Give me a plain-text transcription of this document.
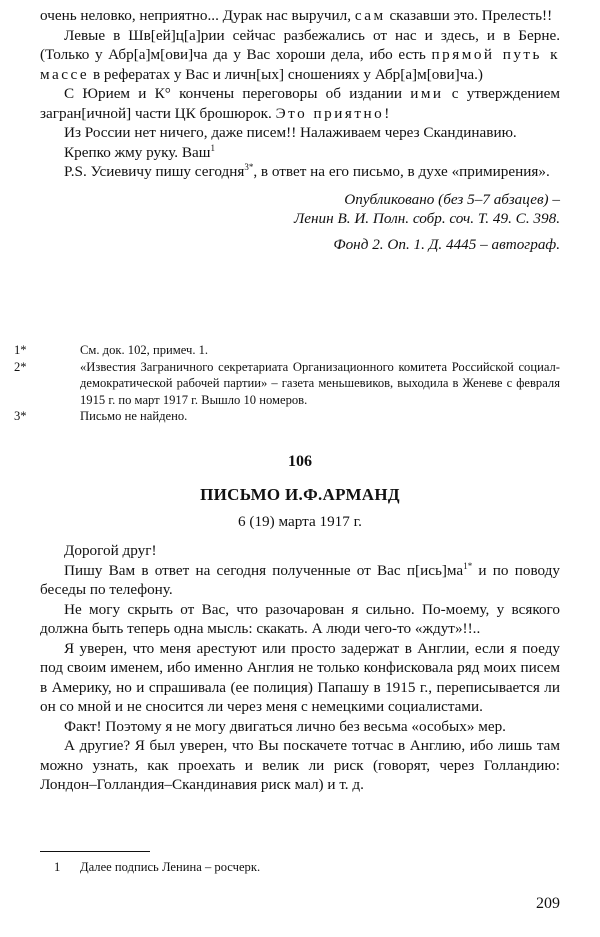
очень неловко, неприятно... Дурак нас выручил, сам сказавши это. Прелесть!!

Левые в Шв[ей]ц[а]рии сейчас разбежались от нас и здесь, и в Берне. (Только у Абр[а]м[ови]ча да у Вас хороши дела, ибо есть прямой путь к массе в рефератах у Вас и личн[ых] сношениях у Абр[а]м[ови]ча.)

С Юрием и К° кончены переговоры об издании ими с утверждением загран[ичной] части ЦК брошюрок. Это приятно!

Из России нет ничего, даже писем!! Налаживаем через Скандинавию.

Крепко жму руку. Ваш$^1$

P.S. Усиевичу пишу сегодня$^{3*}$, в ответ на его письмо, в духе «примирения».

Опубликовано (без 5–7 абзацев) –

Ленин В. И. Полн. собр. соч. Т. 49. С. 398.

Фонд 2. Оп. 1. Д. 4445 – автограф.

1*	См. док. 102, примеч. 1.

2*	«Известия Заграничного секретариата Организационного комитета Российской социал-демократической рабочей партии» – газета меньшевиков, выходила в Женеве с февраля 1915 г. по март 1917 г. Вышло 10 номеров.

3*	Письмо не найдено.

106
ПИСЬМО И.Ф.АРМАНД
6 (19) марта 1917 г.

Дорогой друг!

Пишу Вам в ответ на сегодня полученные от Вас $п[ись]ма^{1*}$ и по поводу беседы по телефону.

Не могу скрыть от Вас, что разочарован я сильно. По-моему, у всякого должна быть теперь одна мысль: скакать. А люди чего-то «ждут»!!..

Я уверен, что меня арестуют или просто задержат в Англии, если я поеду под своим именем, ибо именно Англия не только конфисковала ряд моих писем в Америку, но и спрашивала (ее полиция) Папашу в 1915 г., переписывается ли он со мной и не сносится ли через меня с немецкими социалистами.

Факт! Поэтому я не могу двигаться лично без весьма «особых» мер.

А другие? Я был уверен, что Вы поскачете тотчас в Англию, ибо лишь там можно узнать, как проехать и велик ли риск (говорят, через Голландию: Лондон–Голландия–Скандинавия риск мал) и т. д.

1 Далее подпись Ленина – росчерк.

209
